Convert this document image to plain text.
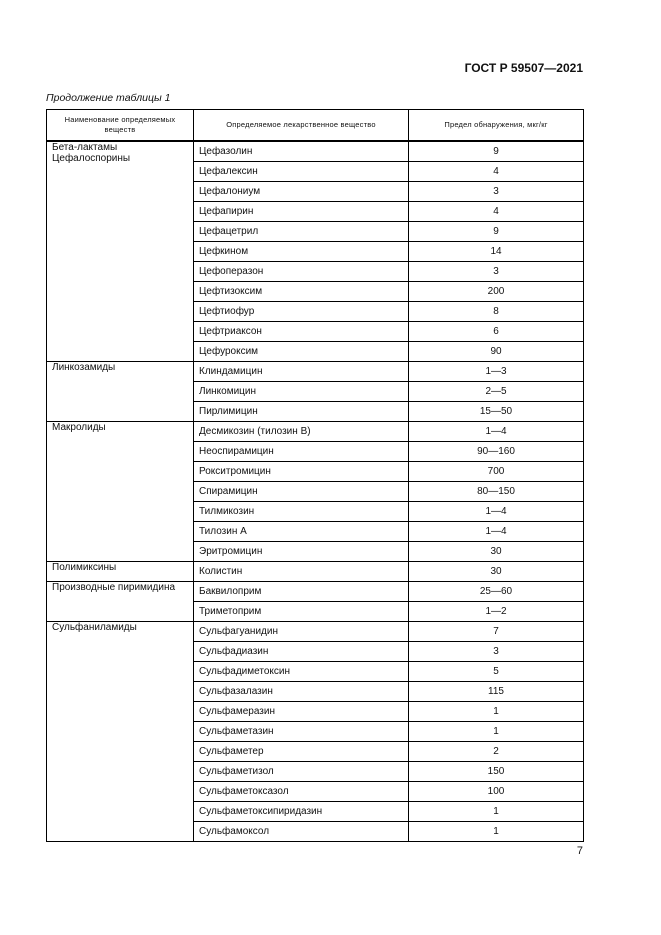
ГОСТ Р 59507—2021
Продолжение таблицы 1
Наименование определяемых веществ	Определяемое лекарственное вещество	Предел обнаружения, мкг/кг
Бета-лактамы
Цефалоспорины	Цефазолин	9
	Цефалексин	4
	Цефалониум	3
	Цефапирин	4
	Цефацетрил	9
	Цефкином	14
	Цефоперазон	3
	Цефтизоксим	200
	Цефтиофур	8
	Цефтриаксон	6
	Цефуроксим	90
Линкозамиды	Клиндамицин	1—3
	Линкомицин	2—5
	Пирлимицин	15—50
Макролиды	Десмикозин (тилозин В)	1—4
	Неоспирамицин	90—160
	Рокситромицин	700
	Спирамицин	80—150
	Тилмикозин	1—4
	Тилозин А	1—4
	Эритромицин	30
Полимиксины	Колистин	30
Производные пиримидина	Баквилоприм	25—60
	Триметоприм	1—2
Сульфаниламиды	Сульфагуанидин	7
	Сульфадиазин	3
	Сульфадиметоксин	5
	Сульфазалазин	115
	Сульфамеразин	1
	Сульфаметазин	1
	Сульфаметер	2
	Сульфаметизол	150
	Сульфаметоксазол	100
	Сульфаметоксипиридазин	1
	Сульфамоксол	1
7
